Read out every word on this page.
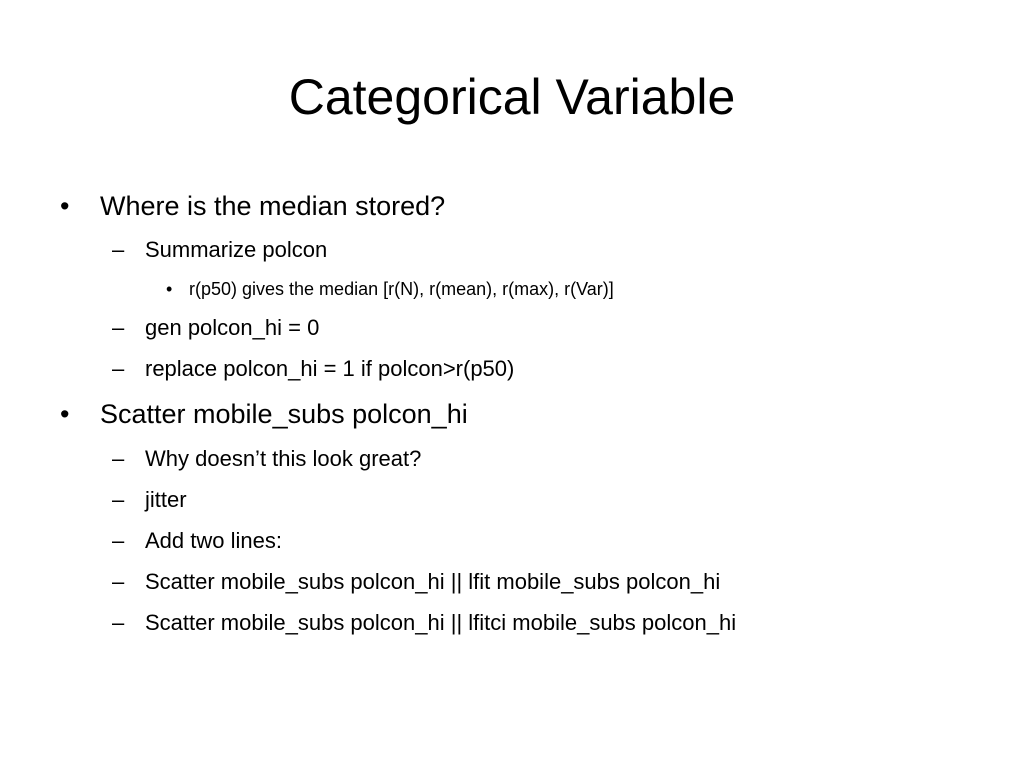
Categorical Variable
• Where is the median stored?
– Summarize polcon
• r(p50) gives the median [r(N), r(mean), r(max), r(Var)]
– gen polcon_hi = 0
– replace polcon_hi = 1 if polcon>r(p50)
• Scatter mobile_subs polcon_hi
– Why doesn’t this look great?
– jitter
– Add two lines:
– Scatter mobile_subs polcon_hi || lfit mobile_subs polcon_hi
– Scatter mobile_subs polcon_hi || lfitci mobile_subs polcon_hi
